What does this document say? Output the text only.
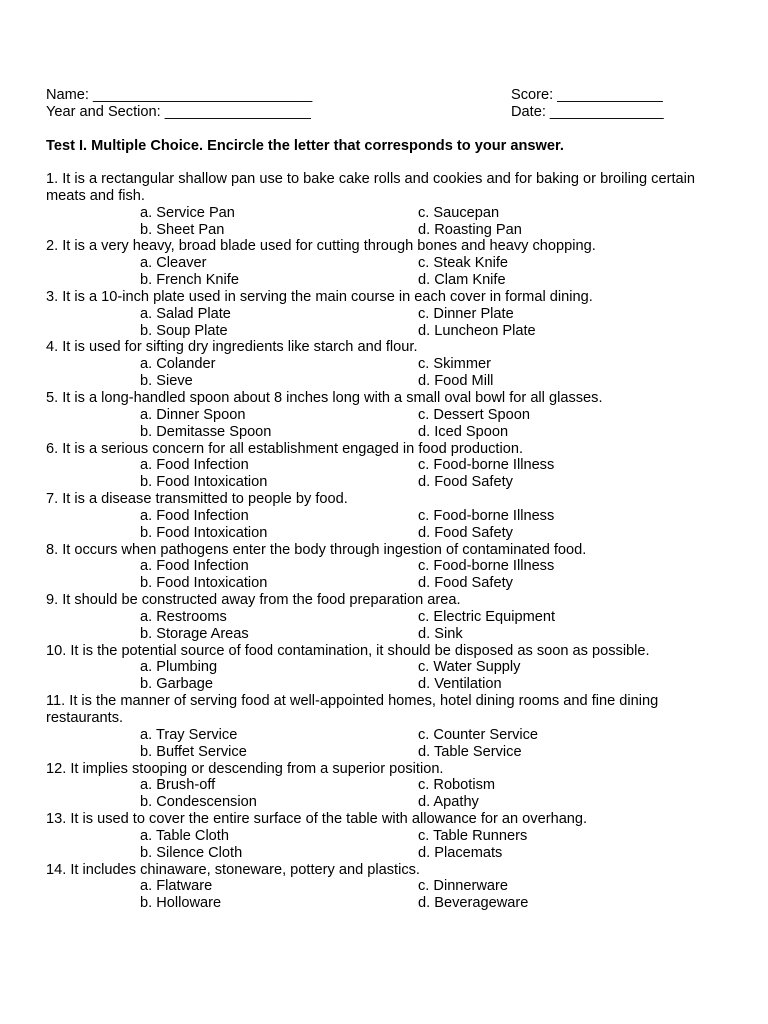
Name: ___________________________	Score: _____________
Year and Section: __________________	Date: ______________
Test I. Multiple Choice. Encircle the letter that corresponds to your answer.
1. It is a rectangular shallow pan use to bake cake rolls and cookies and for baking or broiling certain meats and fish.
a. Service Pan	c. Saucepan
b. Sheet Pan	d. Roasting Pan
2. It is a very heavy, broad blade used for cutting through bones and heavy chopping.
a. Cleaver	c. Steak Knife
b. French Knife	d. Clam Knife
3. It is a 10-inch plate used in serving the main course in each cover in formal dining.
a. Salad Plate	c. Dinner Plate
b. Soup Plate	d. Luncheon Plate
4. It is used for sifting dry ingredients like starch and flour.
a. Colander	c. Skimmer
b. Sieve	d. Food Mill
5. It is a long-handled spoon about 8 inches long with a small oval bowl for all glasses.
a. Dinner Spoon	c. Dessert Spoon
b. Demitasse Spoon	d. Iced Spoon
6. It is a serious concern for all establishment engaged in food production.
a. Food Infection	c. Food-borne Illness
b. Food Intoxication	d. Food Safety
7. It is a disease transmitted to people by food.
a. Food Infection	c. Food-borne Illness
b. Food Intoxication	d. Food Safety
8. It occurs when pathogens enter the body through ingestion of contaminated food.
a. Food Infection	c. Food-borne Illness
b. Food Intoxication	d. Food Safety
9. It should be constructed away from the food preparation area.
a. Restrooms	c. Electric Equipment
b. Storage Areas	d. Sink
10. It is the potential source of food contamination, it should be disposed as soon as possible.
a. Plumbing	c. Water Supply
b. Garbage	d. Ventilation
11. It is the manner of serving food at well-appointed homes, hotel dining rooms and fine dining restaurants.
a. Tray Service	c. Counter Service
b. Buffet Service	d. Table Service
12. It implies stooping or descending from a superior position.
a. Brush-off	c. Robotism
b. Condescension	d. Apathy
13. It is used to cover the entire surface of the table with allowance for an overhang.
a. Table Cloth	c. Table Runners
b. Silence Cloth	d. Placemats
14. It includes chinaware, stoneware, pottery and plastics.
a. Flatware	c. Dinnerware
b. Holloware	d. Beverageware
